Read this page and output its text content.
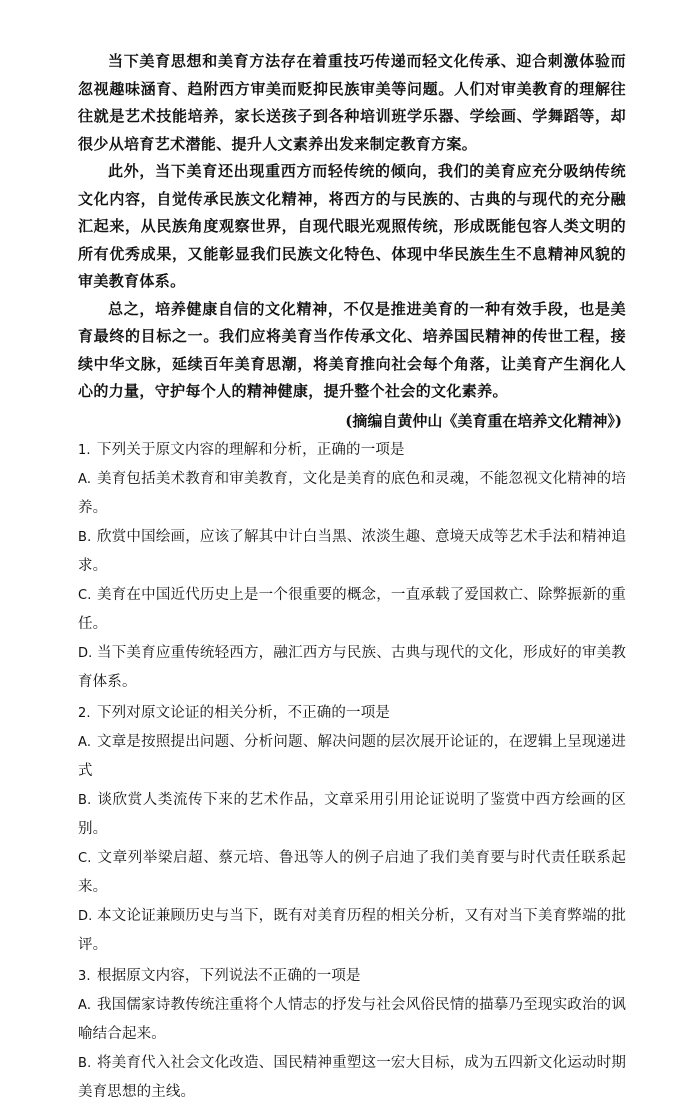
当下美育思想和美育方法存在着重技巧传递而轻文化传承、迎合刺激体验而忽视趣味涵育、趋附西方审美而贬抑民族审美等问题。人们对审美教育的理解往往就是艺术技能培养，家长送孩子到各种培训班学乐器、学绘画、学舞蹈等，却很少从培育艺术潜能、提升人文素养出发来制定教育方案。

此外，当下美育还出现重西方而轻传统的倾向，我们的美育应充分吸纳传统文化内容，自觉传承民族文化精神，将西方的与民族的、古典的与现代的充分融汇起来，从民族角度观察世界，自现代眼光观照传统，形成既能包容人类文明的所有优秀成果，又能彰显我们民族文化特色、体现中华民族生生不息精神风貌的审美教育体系。

总之，培养健康自信的文化精神，不仅是推进美育的一种有效手段，也是美育最终的目标之一。我们应将美育当作传承文化、培养国民精神的传世工程，接续中华文脉，延续百年美育思潮，将美育推向社会每个角落，让美育产生润化人心的力量，守护每个人的精神健康，提升整个社会的文化素养。

(摘编自黄仲山《美育重在培养文化精神》)

1. 下列关于原文内容的理解和分析，正确的一项是

A. 美育包括美术教育和审美教育，文化是美育的底色和灵魂，不能忽视文化精神的培养。

B. 欣赏中国绘画，应该了解其中计白当黑、浓淡生趣、意境天成等艺术手法和精神追求。

C. 美育在中国近代历史上是一个很重要的概念，一直承载了爱国救亡、除弊振新的重任。

D. 当下美育应重传统轻西方，融汇西方与民族、古典与现代的文化，形成好的审美教育体系。

2. 下列对原文论证的相关分析，不正确的一项是

A. 文章是按照提出问题、分析问题、解决问题的层次展开论证的，在逻辑上呈现递进式

B. 谈欣赏人类流传下来的艺术作品，文章采用引用论证说明了鉴赏中西方绘画的区别。

C. 文章列举梁启超、蔡元培、鲁迅等人的例子启迪了我们美育要与时代责任联系起来。

D. 本文论证兼顾历史与当下，既有对美育历程的相关分析，又有对当下美育弊端的批评。

3. 根据原文内容，下列说法不正确的一项是

A. 我国儒家诗教传统注重将个人情志的抒发与社会风俗民情的描摹乃至现实政治的讽喻结合起来。

B. 将美育代入社会文化改造、国民精神重塑这一宏大目标，成为五四新文化运动时期美育思想的主线。
